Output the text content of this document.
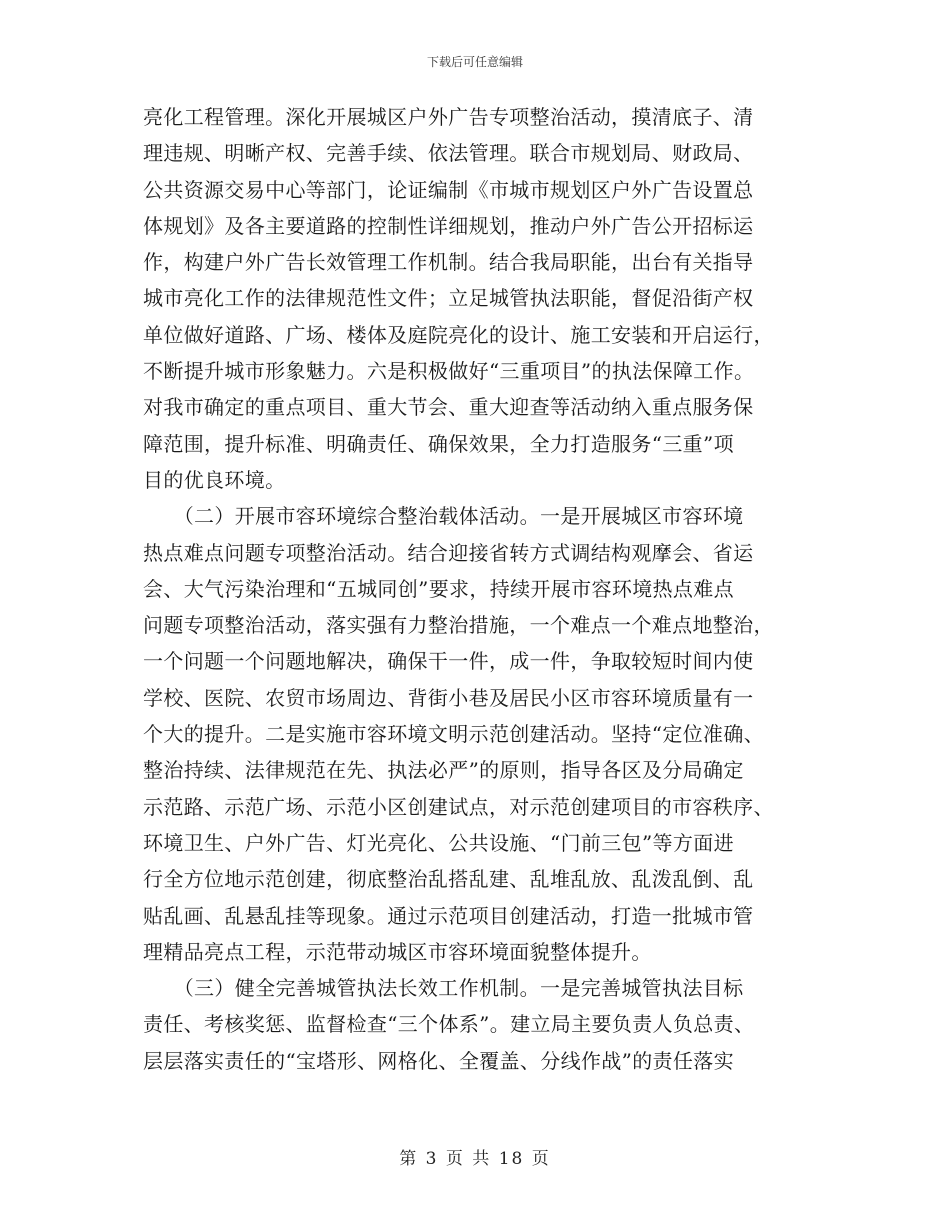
下载后可任意编辑

亮化工程管理。深化开展城区户外广告专项整治活动，摸清底子、清
理违规、明晰产权、完善手续、依法管理。联合市规划局、财政局、
公共资源交易中心等部门，论证编制《市城市规划区户外广告设置总
体规划》及各主要道路的控制性详细规划，推动户外广告公开招标运
作，构建户外广告长效管理工作机制。结合我局职能，出台有关指导
城市亮化工作的法律规范性文件；立足城管执法职能，督促沿街产权
单位做好道路、广场、楼体及庭院亮化的设计、施工安装和开启运行，
不断提升城市形象魅力。六是积极做好“三重项目”的执法保障工作。
对我市确定的重点项目、重大节会、重大迎查等活动纳入重点服务保
障范围，提升标准、明确责任、确保效果，全力打造服务“三重”项
目的优良环境。

　　（二）开展市容环境综合整治载体活动。一是开展城区市容环境
热点难点问题专项整治活动。结合迎接省转方式调结构观摩会、省运
会、大气污染治理和“五城同创”要求，持续开展市容环境热点难点
问题专项整治活动，落实强有力整治措施，一个难点一个难点地整治，
一个问题一个问题地解决，确保干一件，成一件，争取较短时间内使
学校、医院、农贸市场周边、背街小巷及居民小区市容环境质量有一
个大的提升。二是实施市容环境文明示范创建活动。坚持“定位准确、
整治持续、法律规范在先、执法必严”的原则，指导各区及分局确定
示范路、示范广场、示范小区创建试点，对示范创建项目的市容秩序、
环境卫生、户外广告、灯光亮化、公共设施、“门前三包”等方面进
行全方位地示范创建，彻底整治乱搭乱建、乱堆乱放、乱泼乱倒、乱
贴乱画、乱悬乱挂等现象。通过示范项目创建活动，打造一批城市管
理精品亮点工程，示范带动城区市容环境面貌整体提升。

　　（三）健全完善城管执法长效工作机制。一是完善城管执法目标
责任、考核奖惩、监督检查“三个体系”。建立局主要负责人负总责、
层层落实责任的“宝塔形、网格化、全覆盖、分线作战”的责任落实

第 3 页 共 18 页
